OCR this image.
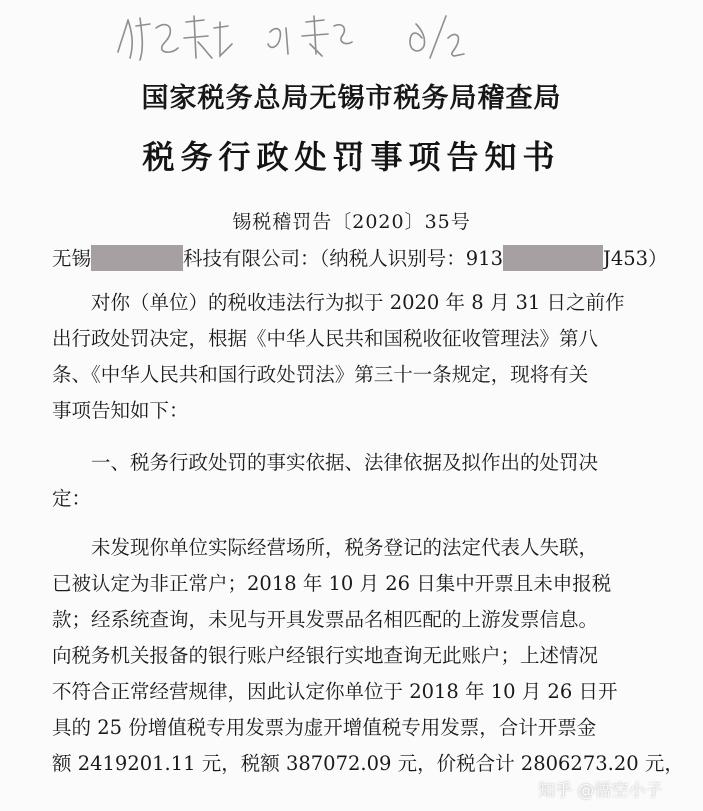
国家税务总局无锡市税务局稽查局
税务行政处罚事项告知书
锡税稽罚告〔2020〕35号
无锡	科技有限公司：（纳税人识别号：913	J453）
对你（单位）的税收违法行为拟于 2020 年 8 月 31 日之前作
出行政处罚决定，根据《中华人民共和国税收征收管理法》第八
条、《中华人民共和国行政处罚法》第三十一条规定，现将有关
事项告知如下：
一、税务行政处罚的事实依据、法律依据及拟作出的处罚决
定：
未发现你单位实际经营场所，税务登记的法定代表人失联，
已被认定为非正常户；2018 年 10 月 26 日集中开票且未申报税
款；经系统查询，未见与开具发票品名相匹配的上游发票信息。
向税务机关报备的银行账户经银行实地查询无此账户；上述情况
不符合正常经营规律，因此认定你单位于 2018 年 10 月 26 日开
具的 25 份增值税专用发票为虚开增值税专用发票，合计开票金
额 2419201.11 元，税额 387072.09 元，价税合计 2806273.20 元，
知乎 @悟空小子
